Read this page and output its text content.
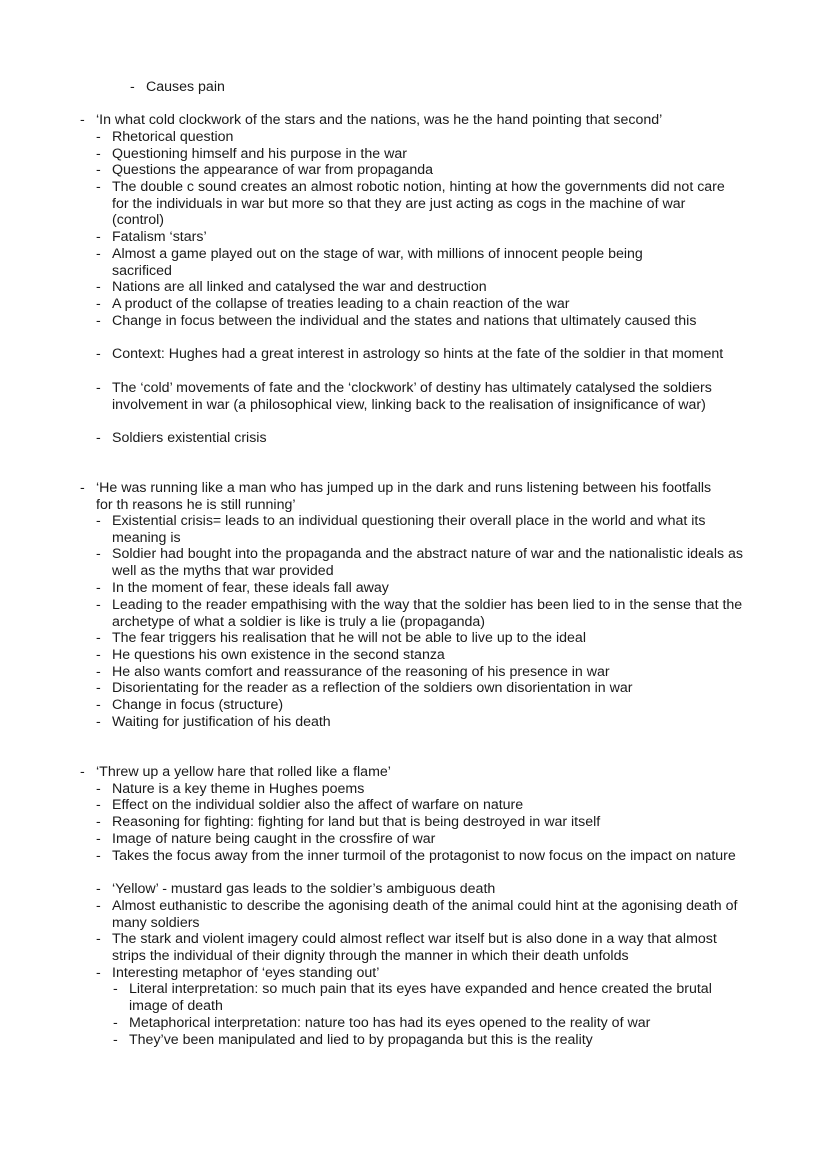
- Causes pain

- ‘In what cold clockwork of the stars and the nations, was he the hand pointing that second’

- Rhetorical question

- Questioning himself and his purpose in the war

- Questions the appearance of war from propaganda

- The double c sound creates an almost robotic notion, hinting at how the governments did not care for the individuals in war but more so that they are just acting as cogs in the machine of war (control)

- Fatalism ‘stars’

- Almost a game played out on the stage of war, with millions of innocent people being sacrificed

- Nations are all linked and catalysed the war and destruction

- A product of the collapse of treaties leading to a chain reaction of the war

- Change in focus between the individual and the states and nations that ultimately caused this

- Context: Hughes had a great interest in astrology so hints at the fate of the soldier in that moment

- The ‘cold’ movements of fate and the ‘clockwork’ of destiny has ultimately catalysed the soldiers involvement in war (a philosophical view, linking back to the realisation of insignificance of war)

- Soldiers existential crisis

- ‘He was running like a man who has jumped up in the dark and runs listening between his footfalls for th reasons he is still running’

- Existential crisis= leads to an individual questioning their overall place in the world and what its meaning is

- Soldier had bought into the propaganda and the abstract nature of war and the nationalistic ideals as well as the myths that war provided

- In the moment of fear, these ideals fall away

- Leading to the reader empathising with the way that the soldier has been lied to in the sense that the archetype of what a soldier is like is truly a lie (propaganda)

- The fear triggers his realisation that he will not be able to live up to the ideal

- He questions his own existence in the second stanza

- He also wants comfort and reassurance of the reasoning of his presence in war

- Disorientating for the reader as a reflection of the soldiers own disorientation in war

- Change in focus (structure)

- Waiting for justification of his death

- ‘Threw up a yellow hare that rolled like a flame’

- Nature is a key theme in Hughes poems

- Effect on the individual soldier also the affect of warfare on nature

- Reasoning for fighting: fighting for land but that is being destroyed in war itself

- Image of nature being caught in the crossfire of war

- Takes the focus away from the inner turmoil of the protagonist to now focus on the impact on nature

- ‘Yellow’ - mustard gas leads to the soldier’s ambiguous death

- Almost euthanistic to describe the agonising death of the animal could hint at the agonising death of many soldiers

- The stark and violent imagery could almost reflect war itself but is also done in a way that almost strips the individual of their dignity through the manner in which their death unfolds

- Interesting metaphor of ‘eyes standing out’

- Literal interpretation: so much pain that its eyes have expanded and hence created the brutal image of death

- Metaphorical interpretation: nature too has had its eyes opened to the reality of war

- They’ve been manipulated and lied to by propaganda but this is the reality
